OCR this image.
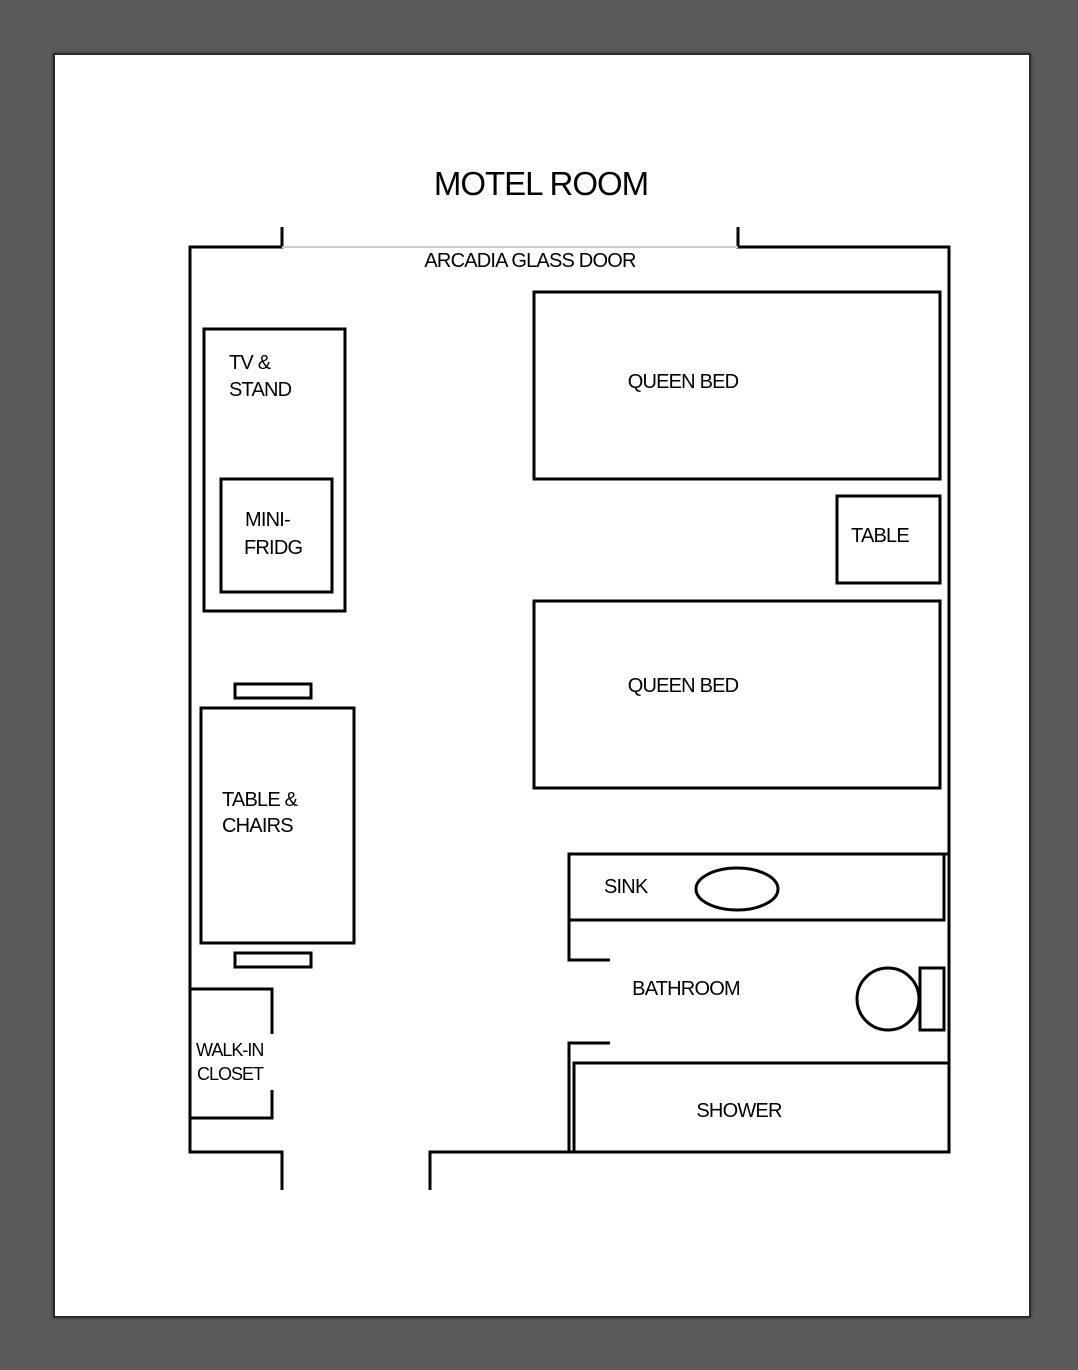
MOTEL ROOM
ARCADIA GLASS DOOR
TV &
STAND
MINI-
FRIDG
QUEEN BED
TABLE
QUEEN BED
TABLE &
CHAIRS
WALK-IN
CLOSET
SINK
BATHROOM
SHOWER
